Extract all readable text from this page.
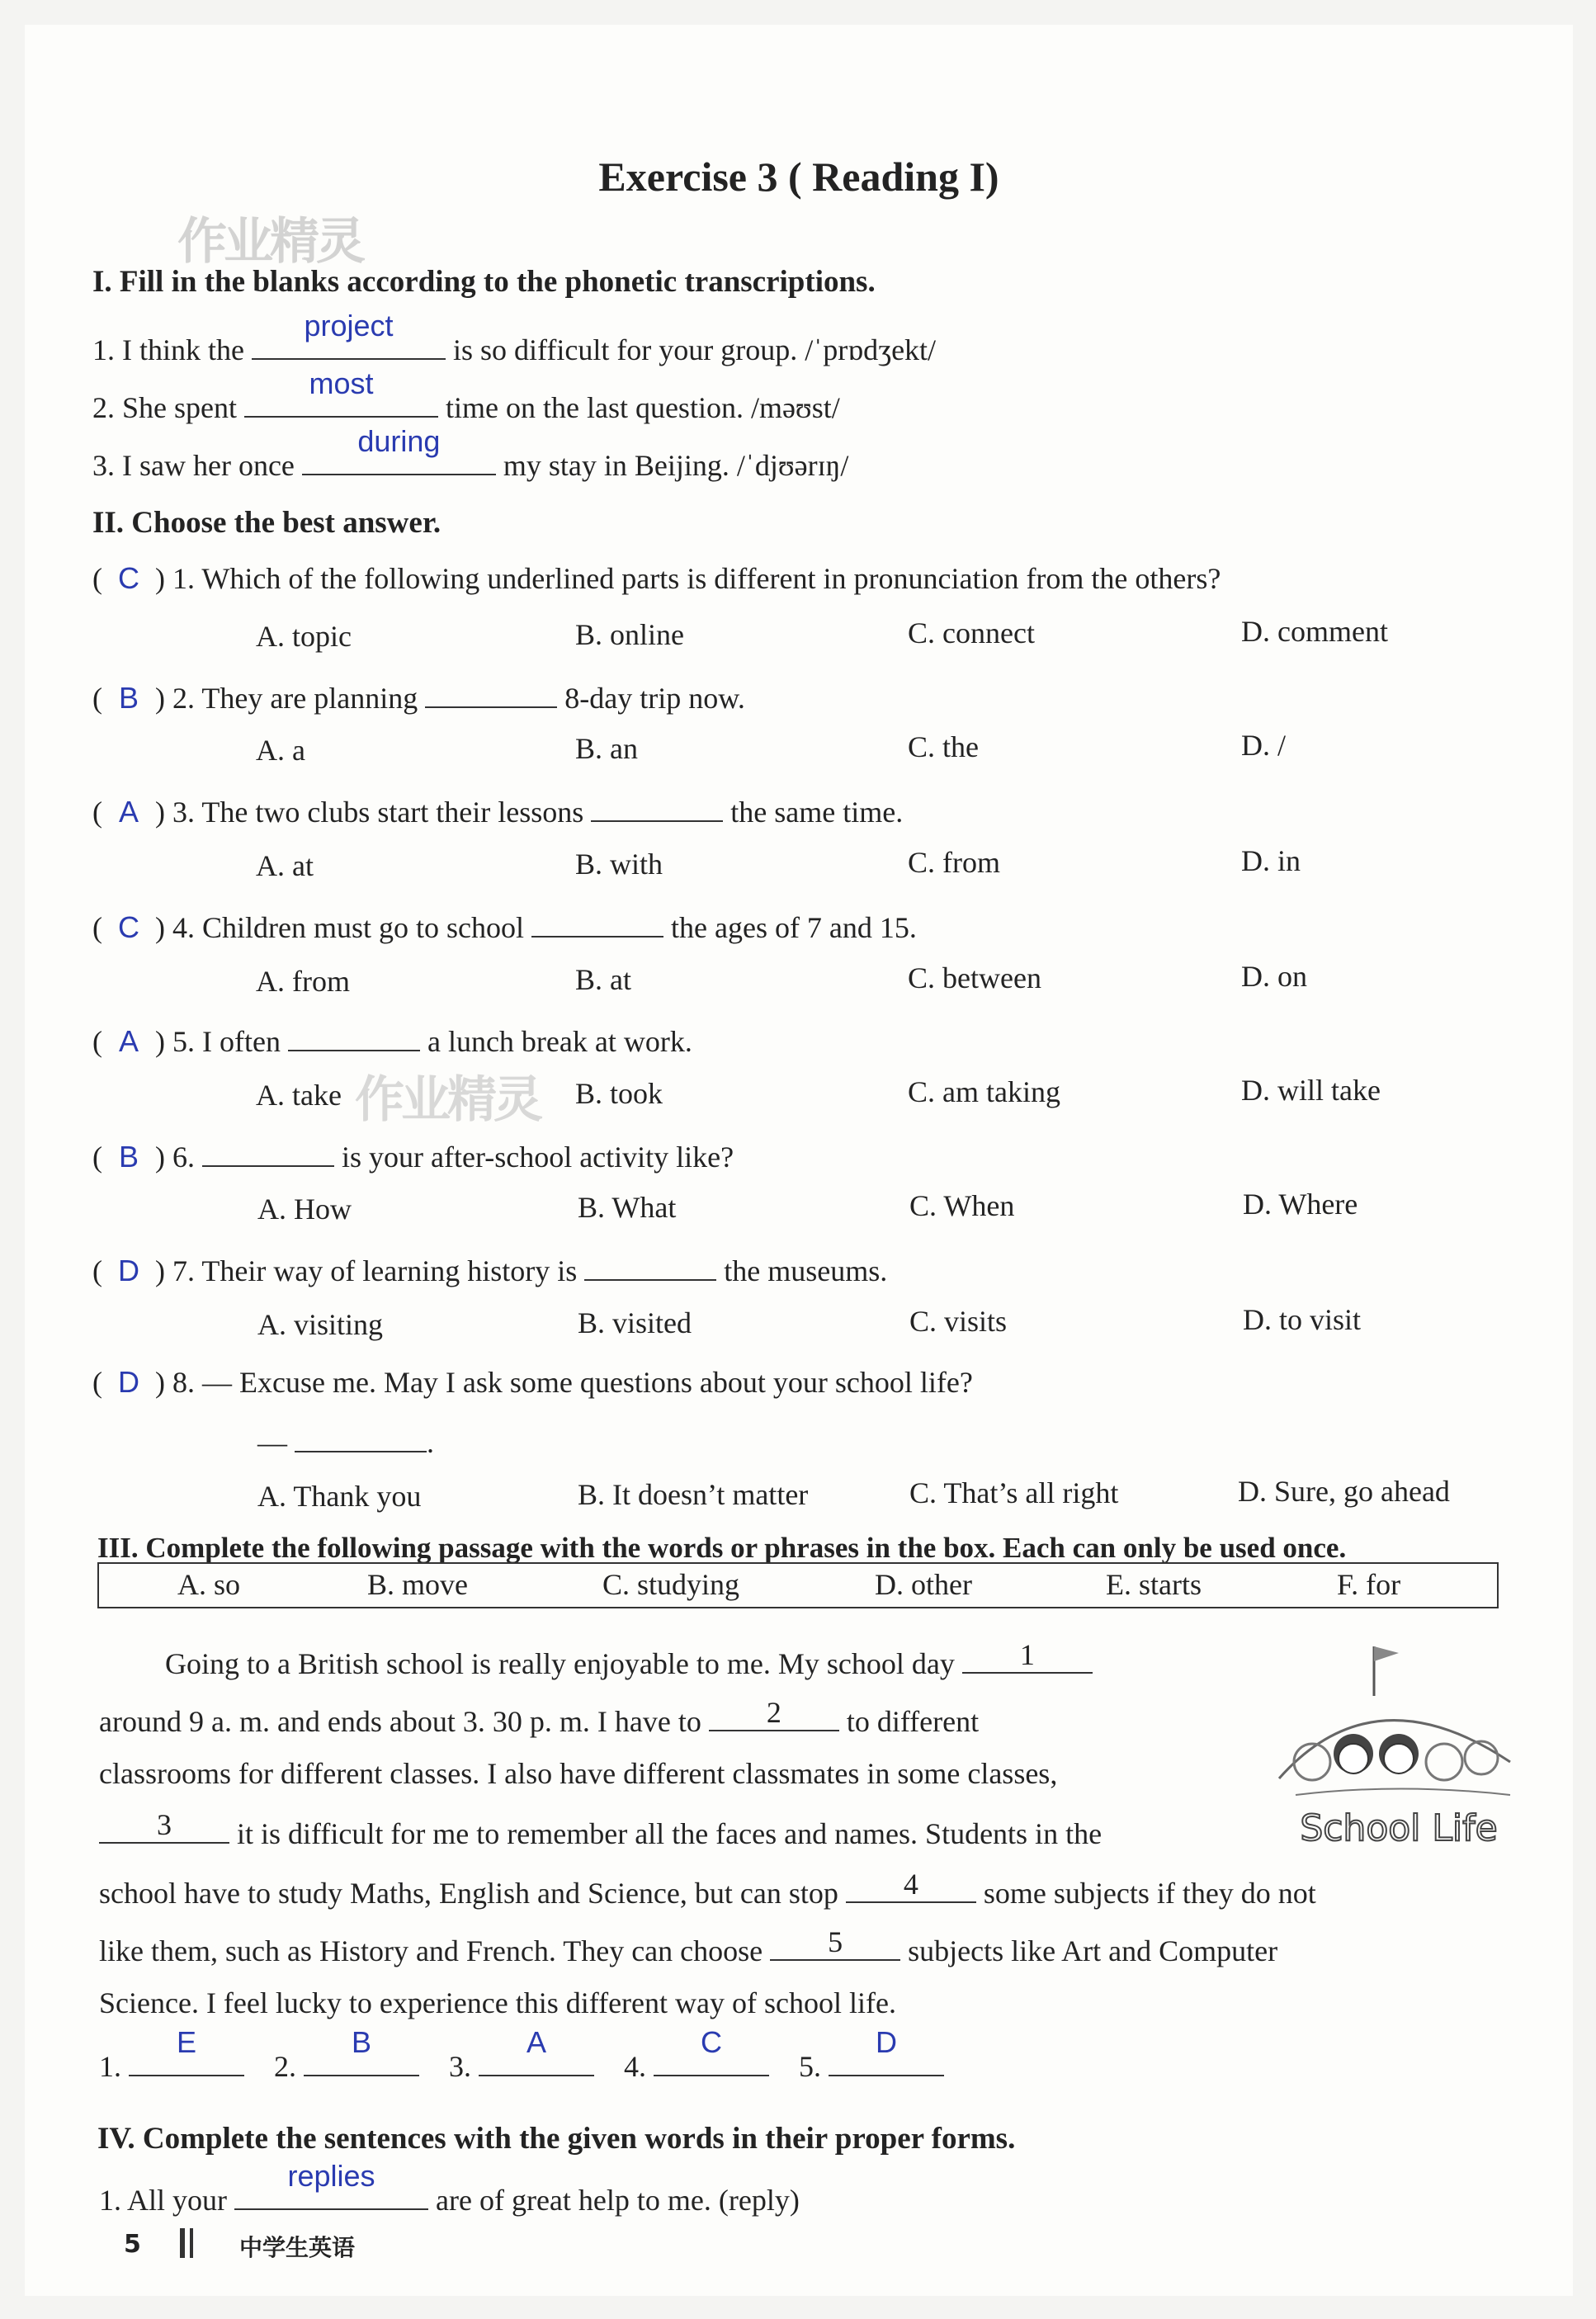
Exercise 3 ( Reading I)
作业精灵
I. Fill in the blanks according to the phonetic transcriptions.
1. I think the
project
is so difficult for your group. /ˈprɒdʒekt/
2. She spent
most
time on the last question. /məʊst/
3. I saw her once
during
my stay in Beijing. /ˈdjʊərɪŋ/
II. Choose the best answer.
( C ) 1. Which of the following underlined parts is different in pronunciation from the others?
A. topic	B. online	C. connect	D. comment
( B ) 2. They are planning	8-day trip now.
A. a	B. an	C. the	D. /
( A ) 3. The two clubs start their lessons	the same time.
A. at	B. with	C. from	D. in
( C ) 4. Children must go to school	the ages of 7 and 15.
A. from	B. at	C. between	D. on
( A ) 5. I often	a lunch break at work.
A. take	B. took	C. am taking	D. will take
作业精灵
( B ) 6.	is your after-school activity like?
A. How	B. What	C. When	D. Where
( D ) 7. Their way of learning history is	the museums.
A. visiting	B. visited	C. visits	D. to visit
( D ) 8. — Excuse me. May I ask some questions about your school life?
—	.
A. Thank you	B. It doesn’t matter	C. That’s all right	D. Sure, go ahead
III. Complete the following passage with the words or phrases in the box. Each can only be used once.
A. so	B. move	C. studying	D. other	E. starts	F. for
Going to a British school is really enjoyable to me. My school day	1
around 9 a. m. and ends about 3. 30 p. m. I have to	2	to different
classrooms for different classes. I also have different classmates in some classes,
3	it is difficult for me to remember all the faces and names. Students in the
school have to study Maths, English and Science, but can stop	4	some subjects if they do not
like them, such as History and French. They can choose	5	subjects like Art and Computer
Science. I feel lucky to experience this different way of school life.
School Life
1.
E
2.
B
3.
A
4.
C
5.
D
IV. Complete the sentences with the given words in their proper forms.
1. All your
replies
are of great help to me. (reply)
5	中学生英语
